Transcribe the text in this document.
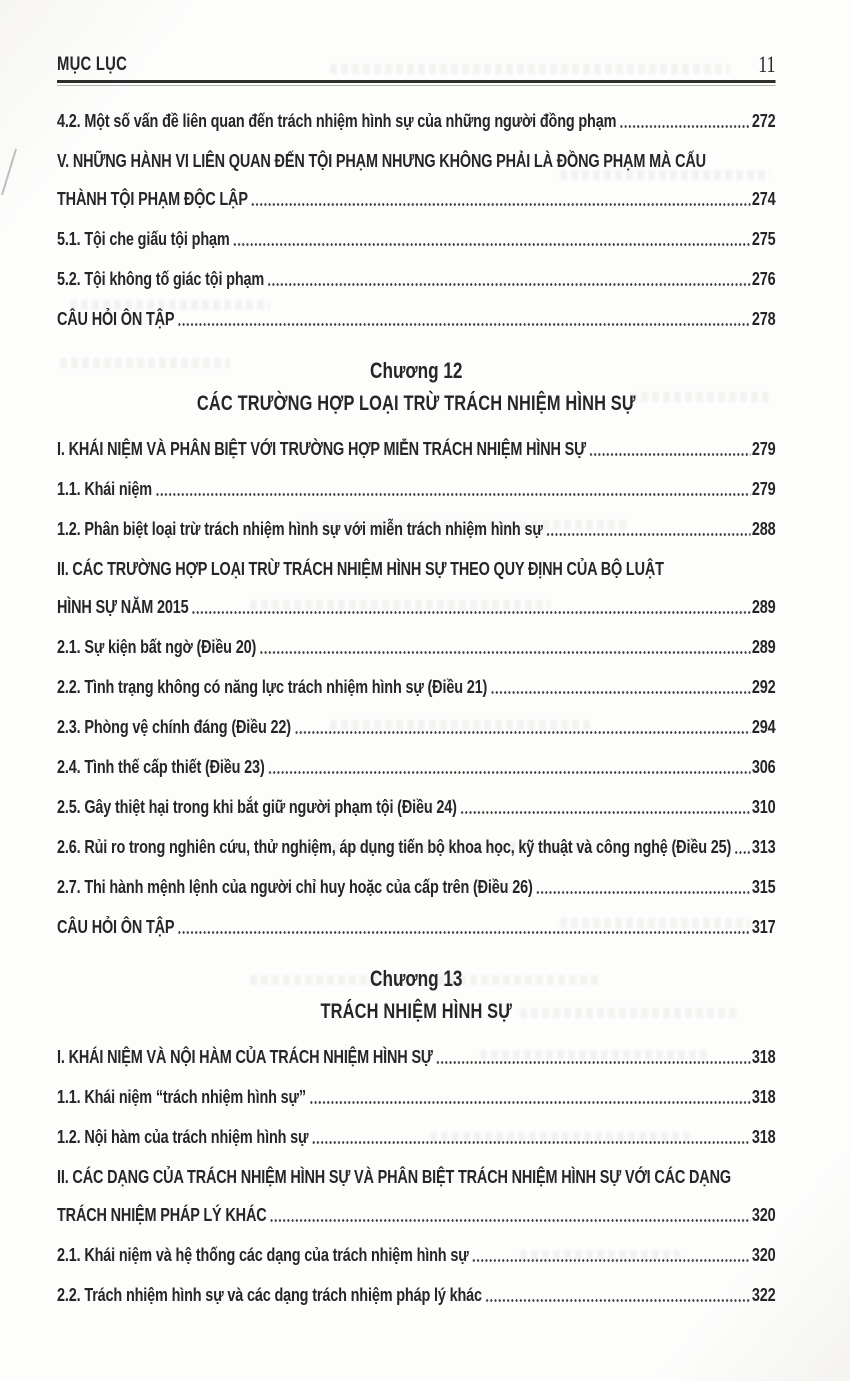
MỤC LỤC	11
4.2. Một số vấn đề liên quan đến trách nhiệm hình sự của những người đồng phạm	272
V. NHỮNG HÀNH VI LIÊN QUAN ĐẾN TỘI PHẠM NHƯNG KHÔNG PHẢI LÀ ĐỒNG PHẠM MÀ CẤU
THÀNH TỘI PHẠM ĐỘC LẬP	274
5.1. Tội che giấu tội phạm	275
5.2. Tội không tố giác tội phạm	276
CÂU HỎI ÔN TẬP	278
Chương 12
CÁC TRƯỜNG HỢP LOẠI TRỪ TRÁCH NHIỆM HÌNH SỰ
I. KHÁI NIỆM VÀ PHÂN BIỆT VỚI TRƯỜNG HỢP MIỄN TRÁCH NHIỆM HÌNH SỰ	279
1.1. Khái niệm	279
1.2. Phân biệt loại trừ trách nhiệm hình sự với miễn trách nhiệm hình sự	288
II. CÁC TRƯỜNG HỢP LOẠI TRỪ TRÁCH NHIỆM HÌNH SỰ THEO QUY ĐỊNH CỦA BỘ LUẬT
HÌNH SỰ NĂM 2015	289
2.1. Sự kiện bất ngờ (Điều 20)	289
2.2. Tình trạng không có năng lực trách nhiệm hình sự (Điều 21)	292
2.3. Phòng vệ chính đáng (Điều 22)	294
2.4. Tình thế cấp thiết (Điều 23)	306
2.5. Gây thiệt hại trong khi bắt giữ người phạm tội (Điều 24)	310
2.6. Rủi ro trong nghiên cứu, thử nghiệm, áp dụng tiến bộ khoa học, kỹ thuật và công nghệ (Điều 25) 313
2.7. Thi hành mệnh lệnh của người chỉ huy hoặc của cấp trên (Điều 26)	315
CÂU HỎI ÔN TẬP	317
Chương 13
TRÁCH NHIỆM HÌNH SỰ
I. KHÁI NIỆM VÀ NỘI HÀM CỦA TRÁCH NHIỆM HÌNH SỰ	318
1.1. Khái niệm “trách nhiệm hình sự”	318
1.2. Nội hàm của trách nhiệm hình sự	318
II. CÁC DẠNG CỦA TRÁCH NHIỆM HÌNH SỰ VÀ PHÂN BIỆT TRÁCH NHIỆM HÌNH SỰ VỚI CÁC DẠNG
TRÁCH NHIỆM PHÁP LÝ KHÁC	320
2.1. Khái niệm và hệ thống các dạng của trách nhiệm hình sự	320
2.2. Trách nhiệm hình sự và các dạng trách nhiệm pháp lý khác	322
